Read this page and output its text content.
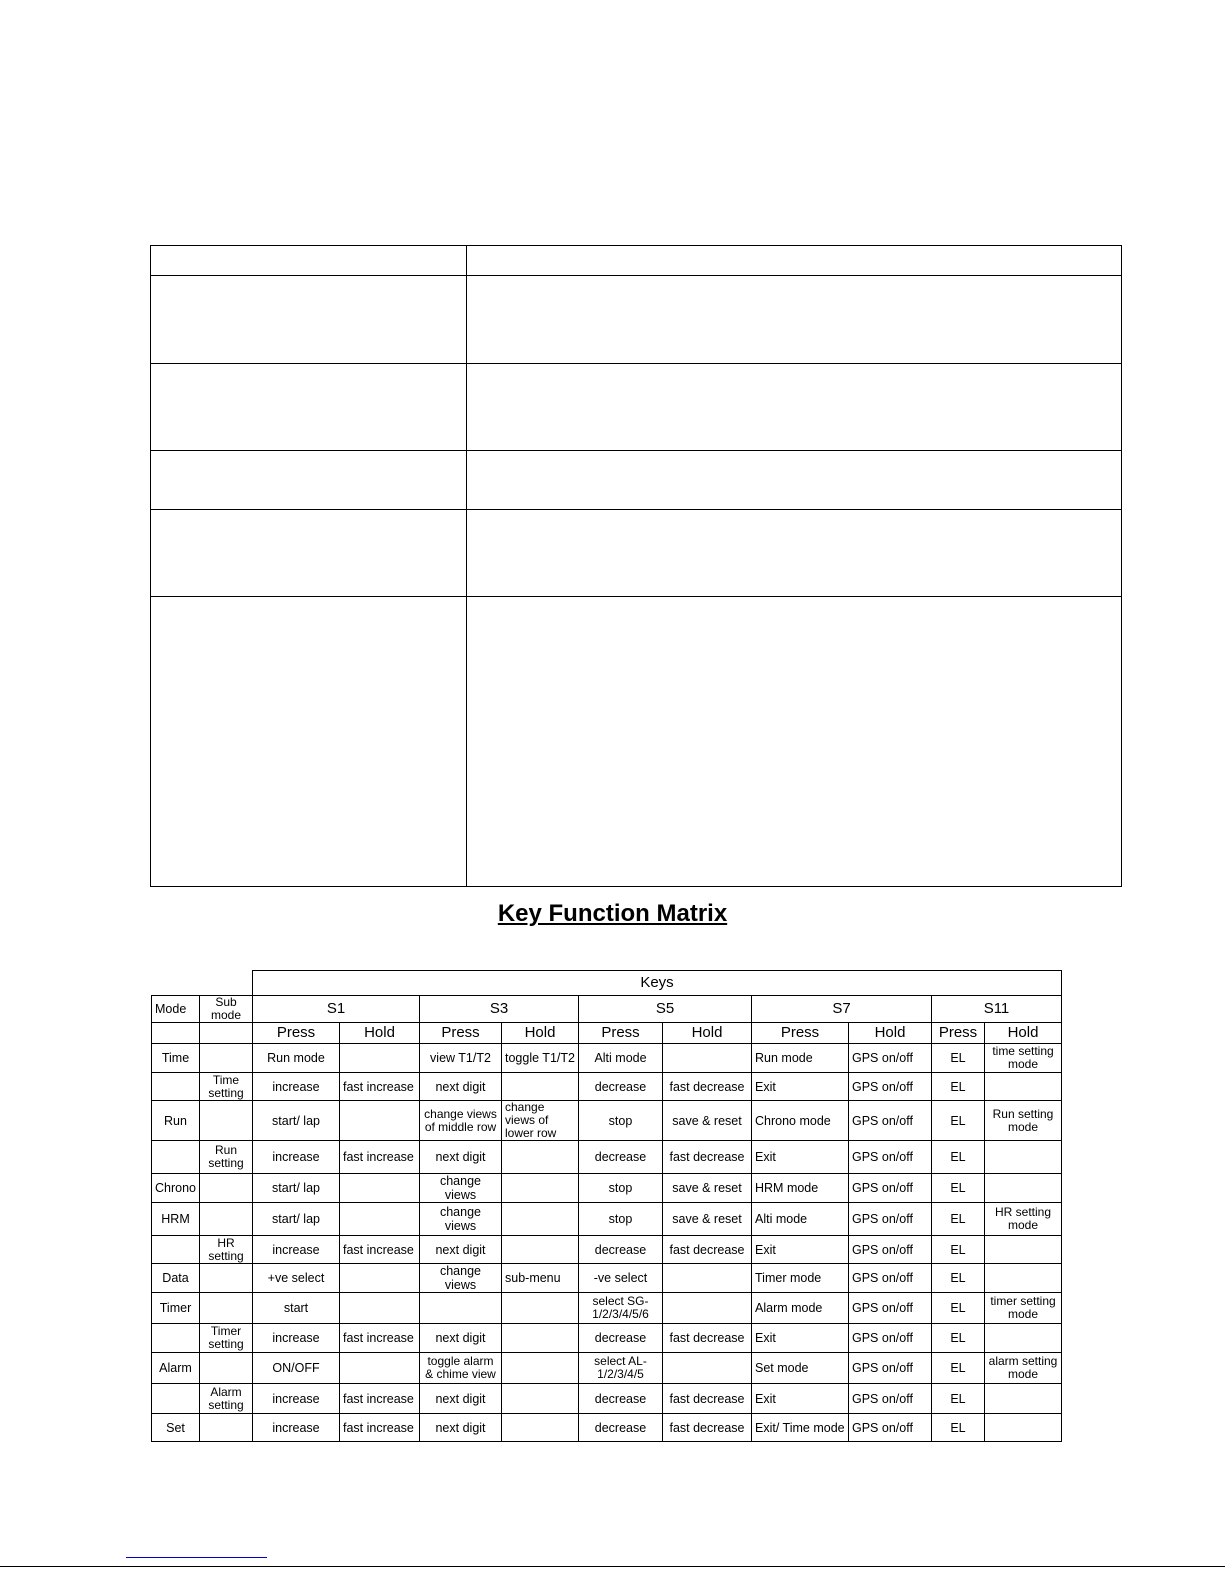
Key Function Matrix
		Keys									
Mode	Sub mode	S1		S3		S5		S7		S11	
		Press	Hold	Press	Hold	Press	Hold	Press	Hold	Press	Hold
Time		Run mode		view T1/T2	toggle T1/T2	Alti mode		Run mode	GPS on/off	EL	time setting mode
	Time setting	increase	fast increase	next digit		decrease	fast decrease	Exit	GPS on/off	EL	
Run		start/ lap		change views of middle row	change views of lower row	stop	save & reset	Chrono mode	GPS on/off	EL	Run setting mode
	Run setting	increase	fast increase	next digit		decrease	fast decrease	Exit	GPS on/off	EL	
Chrono		start/ lap		change views		stop	save & reset	HRM mode	GPS on/off	EL	
HRM		start/ lap		change views		stop	save & reset	Alti mode	GPS on/off	EL	HR setting mode
	HR setting	increase	fast increase	next digit		decrease	fast decrease	Exit	GPS on/off	EL	
Data		+ve select		change views	sub-menu	-ve select		Timer mode	GPS on/off	EL	
Timer		start				select SG-1/2/3/4/5/6		Alarm mode	GPS on/off	EL	timer setting mode
	Timer setting	increase	fast increase	next digit		decrease	fast decrease	Exit	GPS on/off	EL	
Alarm		ON/OFF		toggle alarm & chime view		select AL-1/2/3/4/5		Set mode	GPS on/off	EL	alarm setting mode
	Alarm setting	increase	fast increase	next digit		decrease	fast decrease	Exit	GPS on/off	EL	
Set		increase	fast increase	next digit		decrease	fast decrease	Exit/ Time mode	GPS on/off	EL	
